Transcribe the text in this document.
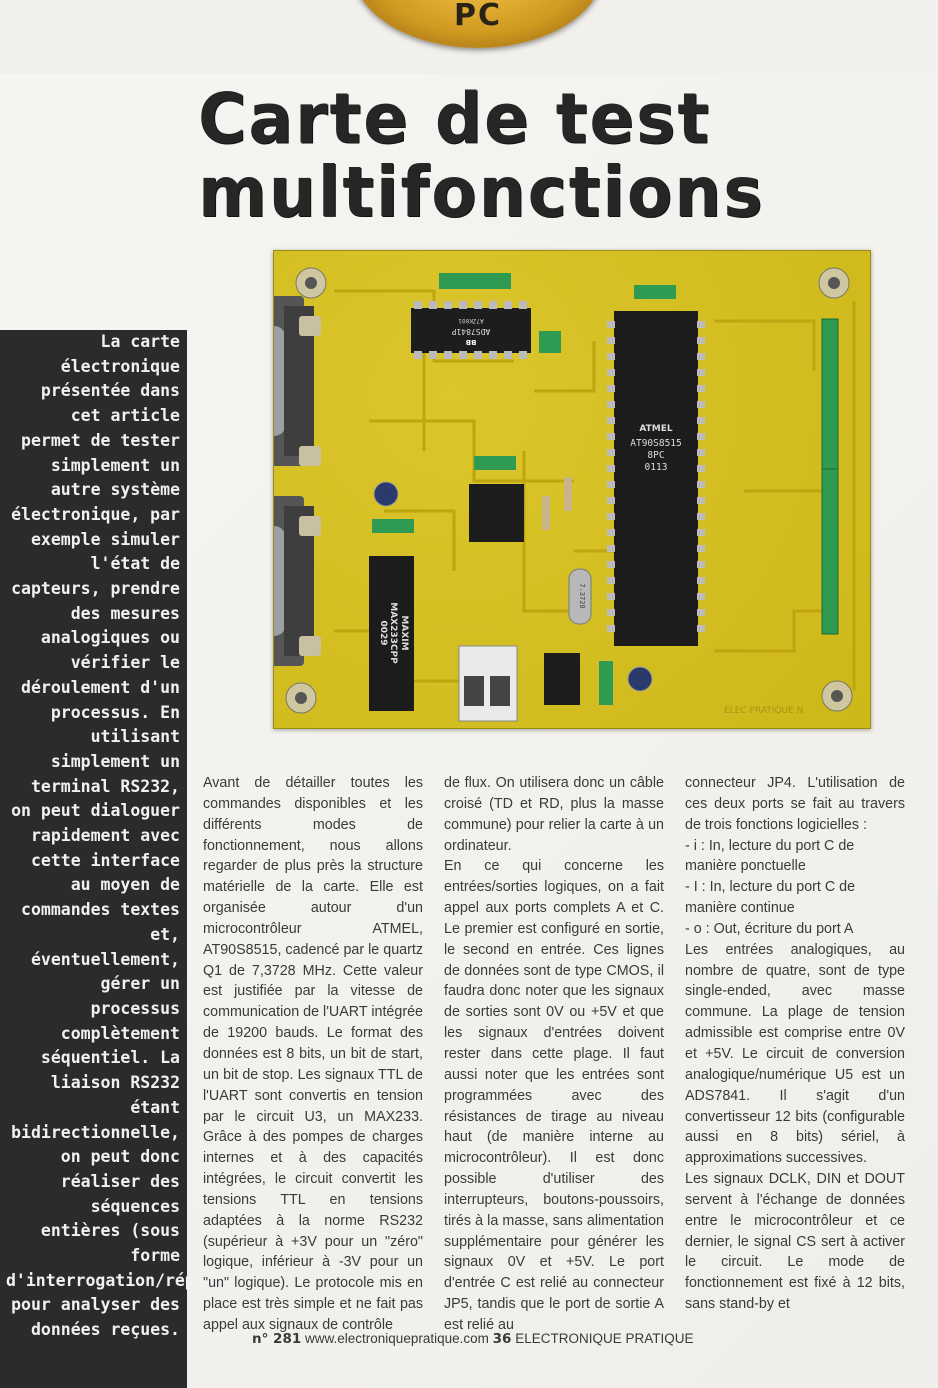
PC
Carte de test multifonctions
ADS7841P
A7ZK001
BB
ATMEL
AT90S8515 8PC 0113
MAXIMMAX233CPP0029
7.3728
ELEC PRATIQUE N

La carte électronique présentée dans cet article permet de tester simplement un autre système électronique, par exemple simuler l'état de capteurs, prendre des mesures analogiques ou vérifier le déroulement d'un processus. En utilisant simplement un terminal RS232, on peut dialoguer rapidement avec cette interface au moyen de commandes textes et, éventuellement, gérer un processus complètement séquentiel. La liaison RS232 étant bidirectionnelle, on peut donc réaliser des séquences entières (sous forme d'interrogation/réponse) pour analyser des données reçues.

Avant de détailler toutes les commandes disponibles et les différents modes de fonctionnement, nous allons regarder de plus près la structure matérielle de la carte. Elle est organisée autour d'un microcontrôleur ATMEL, AT90S8515, cadencé par le quartz Q1 de 7,3728 MHz. Cette valeur est justifiée par la vitesse de communication de l'UART intégrée de 19200 bauds. Le format des données est 8 bits, un bit de start, un bit de stop. Les signaux TTL de l'UART sont convertis en tension par le circuit U3, un MAX233. Grâce à des pompes de charges internes et à des capacités intégrées, le circuit convertit les tensions TTL en tensions adaptées à la norme RS232 (supérieur à +3V pour un "zéro" logique, inférieur à -3V pour un "un" logique). Le protocole mis en place est très simple et ne fait pas appel aux signaux de contrôle

de flux. On utilisera donc un câble croisé (TD et RD, plus la masse commune) pour relier la carte à un ordinateur.

En ce qui concerne les entrées/sorties logiques, on a fait appel aux ports complets A et C. Le premier est configuré en sortie, le second en entrée. Ces lignes de données sont de type CMOS, il faudra donc noter que les signaux de sorties sont 0V ou +5V et que les signaux d'entrées doivent rester dans cette plage. Il faut aussi noter que les entrées sont programmées avec des résistances de tirage au niveau haut (de manière interne au microcontrôleur). Il est donc possible d'utiliser des interrupteurs, boutons-poussoirs, tirés à la masse, sans alimentation supplémentaire pour générer les signaux 0V et +5V. Le port d'entrée C est relié au connecteur JP5, tandis que le port de sortie A est relié au

connecteur JP4. L'utilisation de ces deux ports se fait au travers de trois fonctions logicielles :

- i : In, lecture du port C de manière ponctuelle

- I : In, lecture du port C de manière continue

- o : Out, écriture du port A

Les entrées analogiques, au nombre de quatre, sont de type single-ended, avec masse commune. La plage de tension admissible est comprise entre 0V et +5V. Le circuit de conversion analogique/numérique U5 est un ADS7841. Il s'agit d'un convertisseur 12 bits (configurable aussi en 8 bits) sériel, à approximations successives.

Les signaux DCLK, DIN et DOUT servent à l'échange de données entre le microcontrôleur et ce dernier, le signal CS sert à activer le circuit. Le mode de fonctionnement est fixé à 12 bits, sans stand-by et

n° 281 www.electroniquepratique.com 36 ELECTRONIQUE PRATIQUE
